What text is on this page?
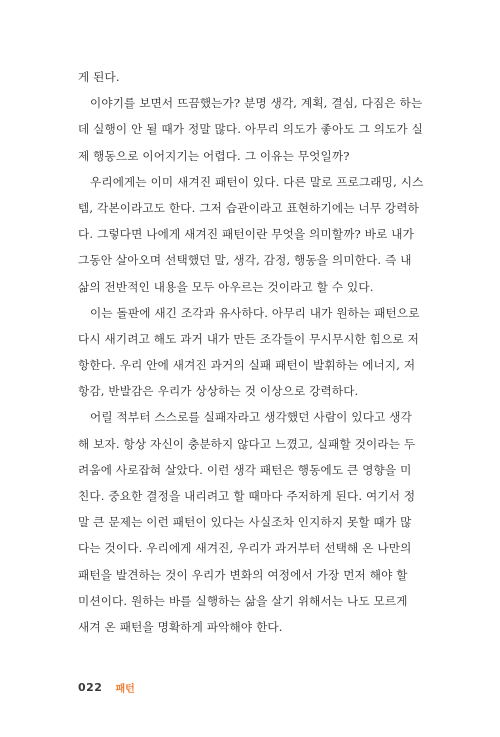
게 된다.
이야기를 보면서 뜨끔했는가? 분명 생각, 계획, 결심, 다짐은 하는
데 실행이 안 될 때가 정말 많다. 아무리 의도가 좋아도 그 의도가 실
제 행동으로 이어지기는 어렵다. 그 이유는 무엇일까?
우리에게는 이미 새겨진 패턴이 있다. 다른 말로 프로그래밍, 시스
템, 각본이라고도 한다. 그저 습관이라고 표현하기에는 너무 강력하
다. 그렇다면 나에게 새겨진 패턴이란 무엇을 의미할까? 바로 내가
그동안 살아오며 선택했던 말, 생각, 감정, 행동을 의미한다. 즉 내
삶의 전반적인 내용을 모두 아우르는 것이라고 할 수 있다.
이는 돌판에 새긴 조각과 유사하다. 아무리 내가 원하는 패턴으로
다시 새기려고 해도 과거 내가 만든 조각들이 무시무시한 힘으로 저
항한다. 우리 안에 새겨진 과거의 실패 패턴이 발휘하는 에너지, 저
항감, 반발감은 우리가 상상하는 것 이상으로 강력하다.
어릴 적부터 스스로를 실패자라고 생각했던 사람이 있다고 생각
해 보자. 항상 자신이 충분하지 않다고 느꼈고, 실패할 것이라는 두
려움에 사로잡혀 살았다. 이런 생각 패턴은 행동에도 큰 영향을 미
친다. 중요한 결정을 내리려고 할 때마다 주저하게 된다. 여기서 정
말 큰 문제는 이런 패턴이 있다는 사실조차 인지하지 못할 때가 많
다는 것이다. 우리에게 새겨진, 우리가 과거부터 선택해 온 나만의
패턴을 발견하는 것이 우리가 변화의 여정에서 가장 먼저 해야 할
미션이다. 원하는 바를 실행하는 삶을 살기 위해서는 나도 모르게
새겨 온 패턴을 명확하게 파악해야 한다.
022 패턴
